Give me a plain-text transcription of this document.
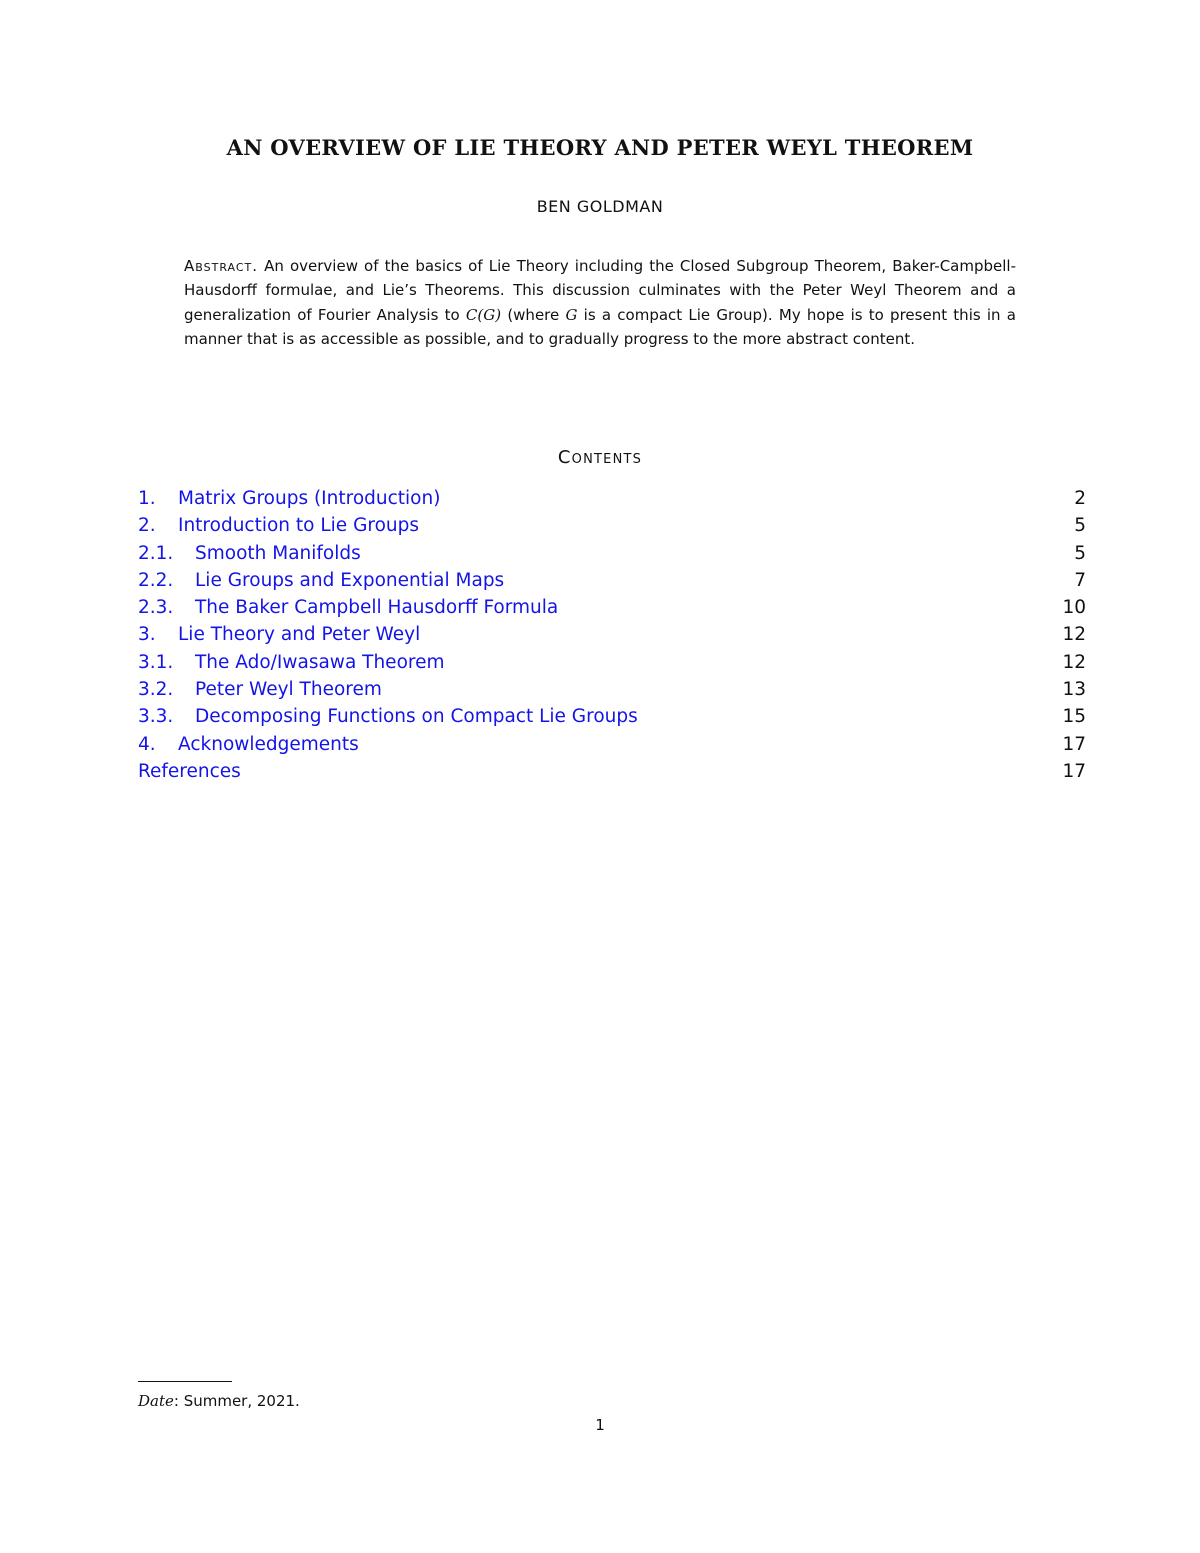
AN OVERVIEW OF LIE THEORY AND PETER WEYL THEOREM
BEN GOLDMAN

Abstract. An overview of the basics of Lie Theory including the Closed Subgroup Theorem, Baker-Campbell-Hausdorff formulae, and Lie’s Theorems. This discussion culminates with the Peter Weyl Theorem and a generalization of Fourier Analysis to C(G) (where G is a compact Lie Group). My hope is to present this in a manner that is as accessible as possible, and to gradually progress to the more abstract content.

Contents
1. Matrix Groups (Introduction)	2
2. Introduction to Lie Groups	5
2.1. Smooth Manifolds	5
2.2. Lie Groups and Exponential Maps	7
2.3. The Baker Campbell Hausdorff Formula	10
3. Lie Theory and Peter Weyl	12
3.1. The Ado/Iwasawa Theorem	12
3.2. Peter Weyl Theorem	13
3.3. Decomposing Functions on Compact Lie Groups	15
4. Acknowledgements	17
References	17
Date: Summer, 2021.
1
